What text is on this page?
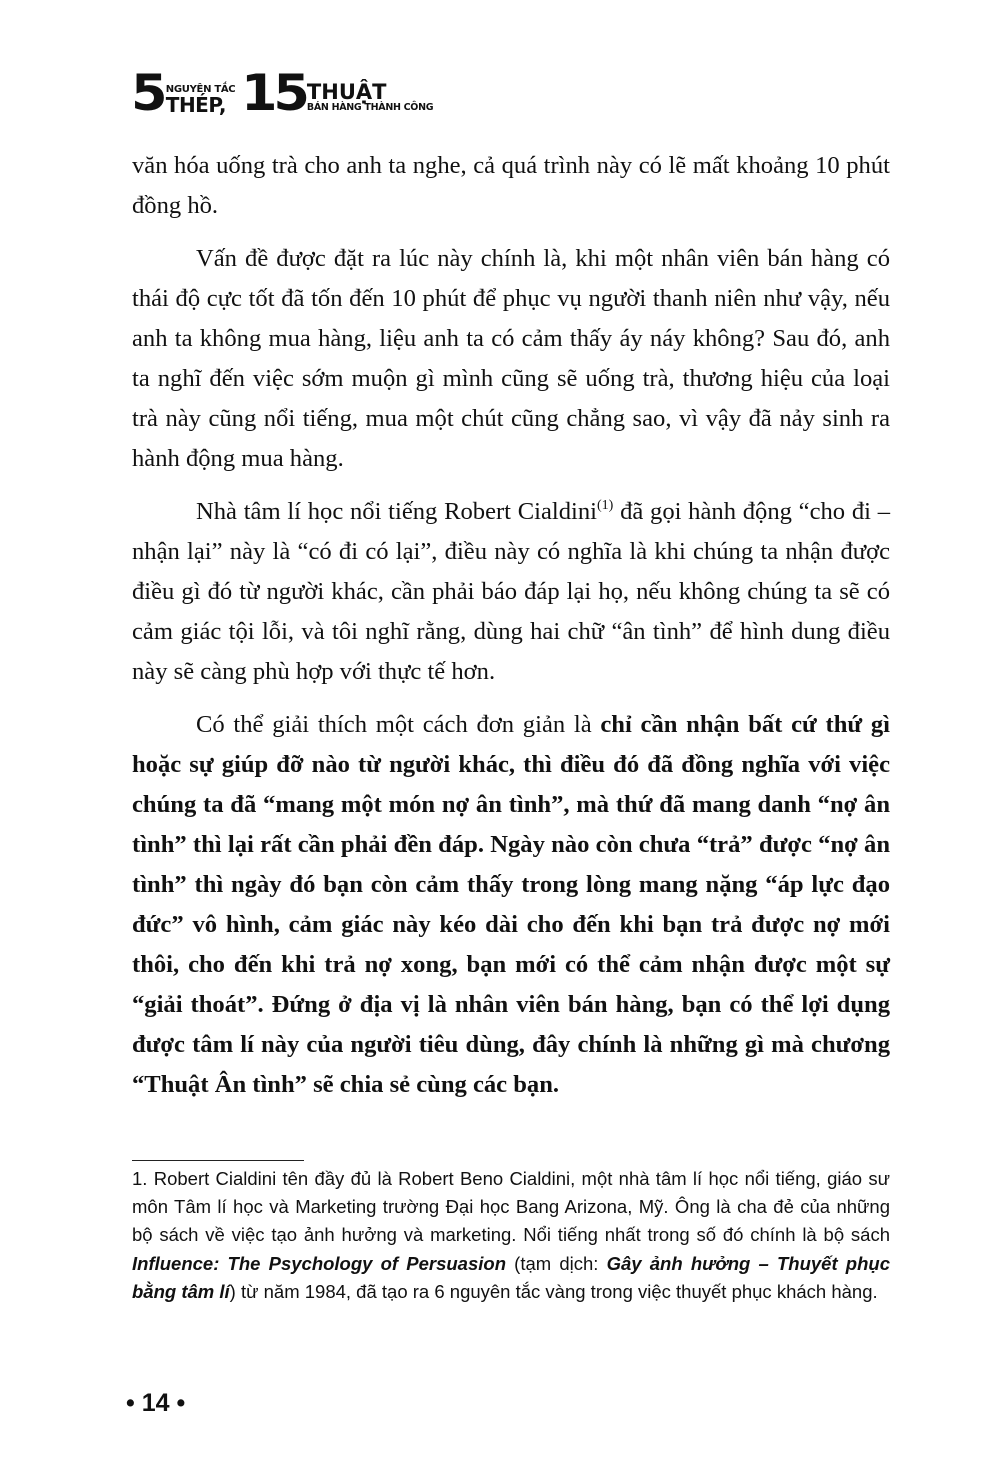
5 NGUYÊN TẮC
THÉP, 15 THUẬT
BÁN HÀNG THÀNH CÔNG

văn hóa uống trà cho anh ta nghe, cả quá trình này có lẽ mất khoảng 10 phút đồng hồ.

Vấn đề được đặt ra lúc này chính là, khi một nhân viên bán hàng có thái độ cực tốt đã tốn đến 10 phút để phục vụ người thanh niên như vậy, nếu anh ta không mua hàng, liệu anh ta có cảm thấy áy náy không? Sau đó, anh ta nghĩ đến việc sớm muộn gì mình cũng sẽ uống trà, thương hiệu của loại trà này cũng nổi tiếng, mua một chút cũng chẳng sao, vì vậy đã nảy sinh ra hành động mua hàng.

Nhà tâm lí học nổi tiếng Robert Cialdini$^{(1)}$ đã gọi hành động “cho đi – nhận lại” này là “có đi có lại”, điều này có nghĩa là khi chúng ta nhận được điều gì đó từ người khác, cần phải báo đáp lại họ, nếu không chúng ta sẽ có cảm giác tội lỗi, và tôi nghĩ rằng, dùng hai chữ “ân tình” để hình dung điều này sẽ càng phù hợp với thực tế hơn.

Có thể giải thích một cách đơn giản là chỉ cần nhận bất cứ thứ gì hoặc sự giúp đỡ nào từ người khác, thì điều đó đã đồng nghĩa với việc chúng ta đã “mang một món nợ ân tình”, mà thứ đã mang danh “nợ ân tình” thì lại rất cần phải đền đáp. Ngày nào còn chưa “trả” được “nợ ân tình” thì ngày đó bạn còn cảm thấy trong lòng mang nặng “áp lực đạo đức” vô hình, cảm giác này kéo dài cho đến khi bạn trả được nợ mới thôi, cho đến khi trả nợ xong, bạn mới có thể cảm nhận được một sự “giải thoát”. Đứng ở địa vị là nhân viên bán hàng, bạn có thể lợi dụng được tâm lí này của người tiêu dùng, đây chính là những gì mà chương “Thuật Ân tình” sẽ chia sẻ cùng các bạn.

1. Robert Cialdini tên đầy đủ là Robert Beno Cialdini, một nhà tâm lí học nổi tiếng, giáo sư môn Tâm lí học và Marketing trường Đại học Bang Arizona, Mỹ. Ông là cha đẻ của những bộ sách về việc tạo ảnh hưởng và marketing. Nổi tiếng nhất trong số đó chính là bộ sách Influence: The Psychology of Persuasion (tạm dịch: Gây ảnh hưởng – Thuyết phục bằng tâm lí) từ năm 1984, đã tạo ra 6 nguyên tắc vàng trong việc thuyết phục khách hàng.
• 14 •
